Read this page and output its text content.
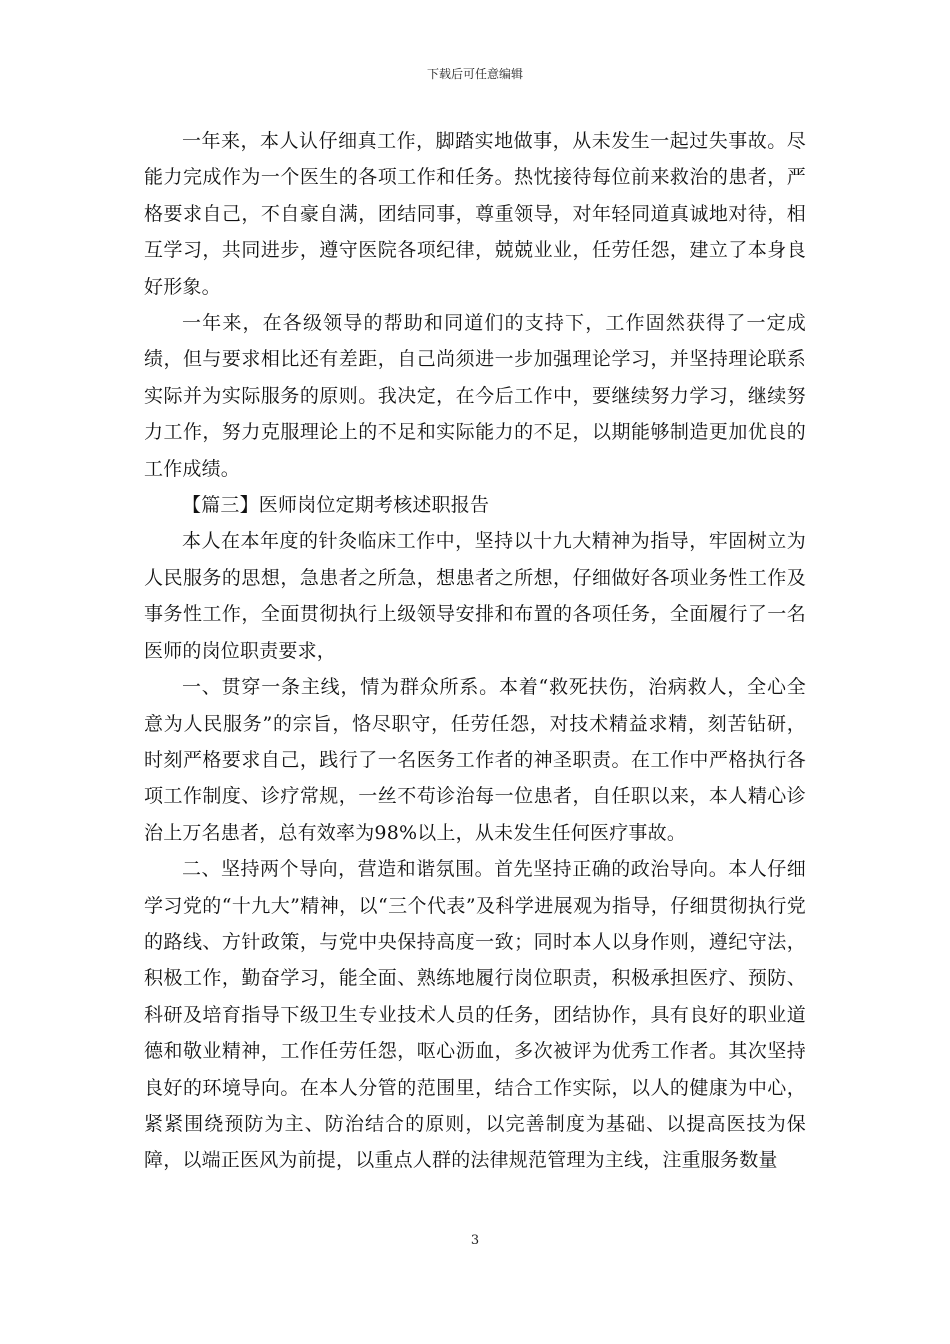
下载后可任意编辑

一年来，本人认仔细真工作，脚踏实地做事，从未发生一起过失事故。尽能力完成作为一个医生的各项工作和任务。热忱接待每位前来救治的患者，严格要求自己，不自豪自满，团结同事，尊重领导，对年轻同道真诚地对待，相互学习，共同进步，遵守医院各项纪律，兢兢业业，任劳任怨，建立了本身良好形象。

一年来，在各级领导的帮助和同道们的支持下，工作固然获得了一定成绩，但与要求相比还有差距，自己尚须进一步加强理论学习，并坚持理论联系实际并为实际服务的原则。我决定，在今后工作中，要继续努力学习，继续努力工作，努力克服理论上的不足和实际能力的不足，以期能够制造更加优良的工作成绩。

【篇三】医师岗位定期考核述职报告

本人在本年度的针灸临床工作中，坚持以十九大精神为指导，牢固树立为人民服务的思想，急患者之所急，想患者之所想，仔细做好各项业务性工作及事务性工作，全面贯彻执行上级领导安排和布置的各项任务，全面履行了一名医师的岗位职责要求，

一、贯穿一条主线，情为群众所系。本着“救死扶伤，治病救人，全心全意为人民服务”的宗旨，恪尽职守，任劳任怨，对技术精益求精，刻苦钻研，时刻严格要求自己，践行了一名医务工作者的神圣职责。在工作中严格执行各项工作制度、诊疗常规，一丝不苟诊治每一位患者，自任职以来，本人精心诊治上万名患者，总有效率为98%以上，从未发生任何医疗事故。

二、坚持两个导向，营造和谐氛围。首先坚持正确的政治导向。本人仔细学习党的“十九大”精神，以“三个代表”及科学进展观为指导，仔细贯彻执行党的路线、方针政策，与党中央保持高度一致；同时本人以身作则，遵纪守法，积极工作，勤奋学习，能全面、熟练地履行岗位职责，积极承担医疗、预防、科研及培育指导下级卫生专业技术人员的任务，团结协作，具有良好的职业道德和敬业精神，工作任劳任怨，呕心沥血，多次被评为优秀工作者。其次坚持良好的环境导向。在本人分管的范围里，结合工作实际，以人的健康为中心，紧紧围绕预防为主、防治结合的原则，以完善制度为基础、以提高医技为保障，以端正医风为前提，以重点人群的法律规范管理为主线，注重服务数量

3
